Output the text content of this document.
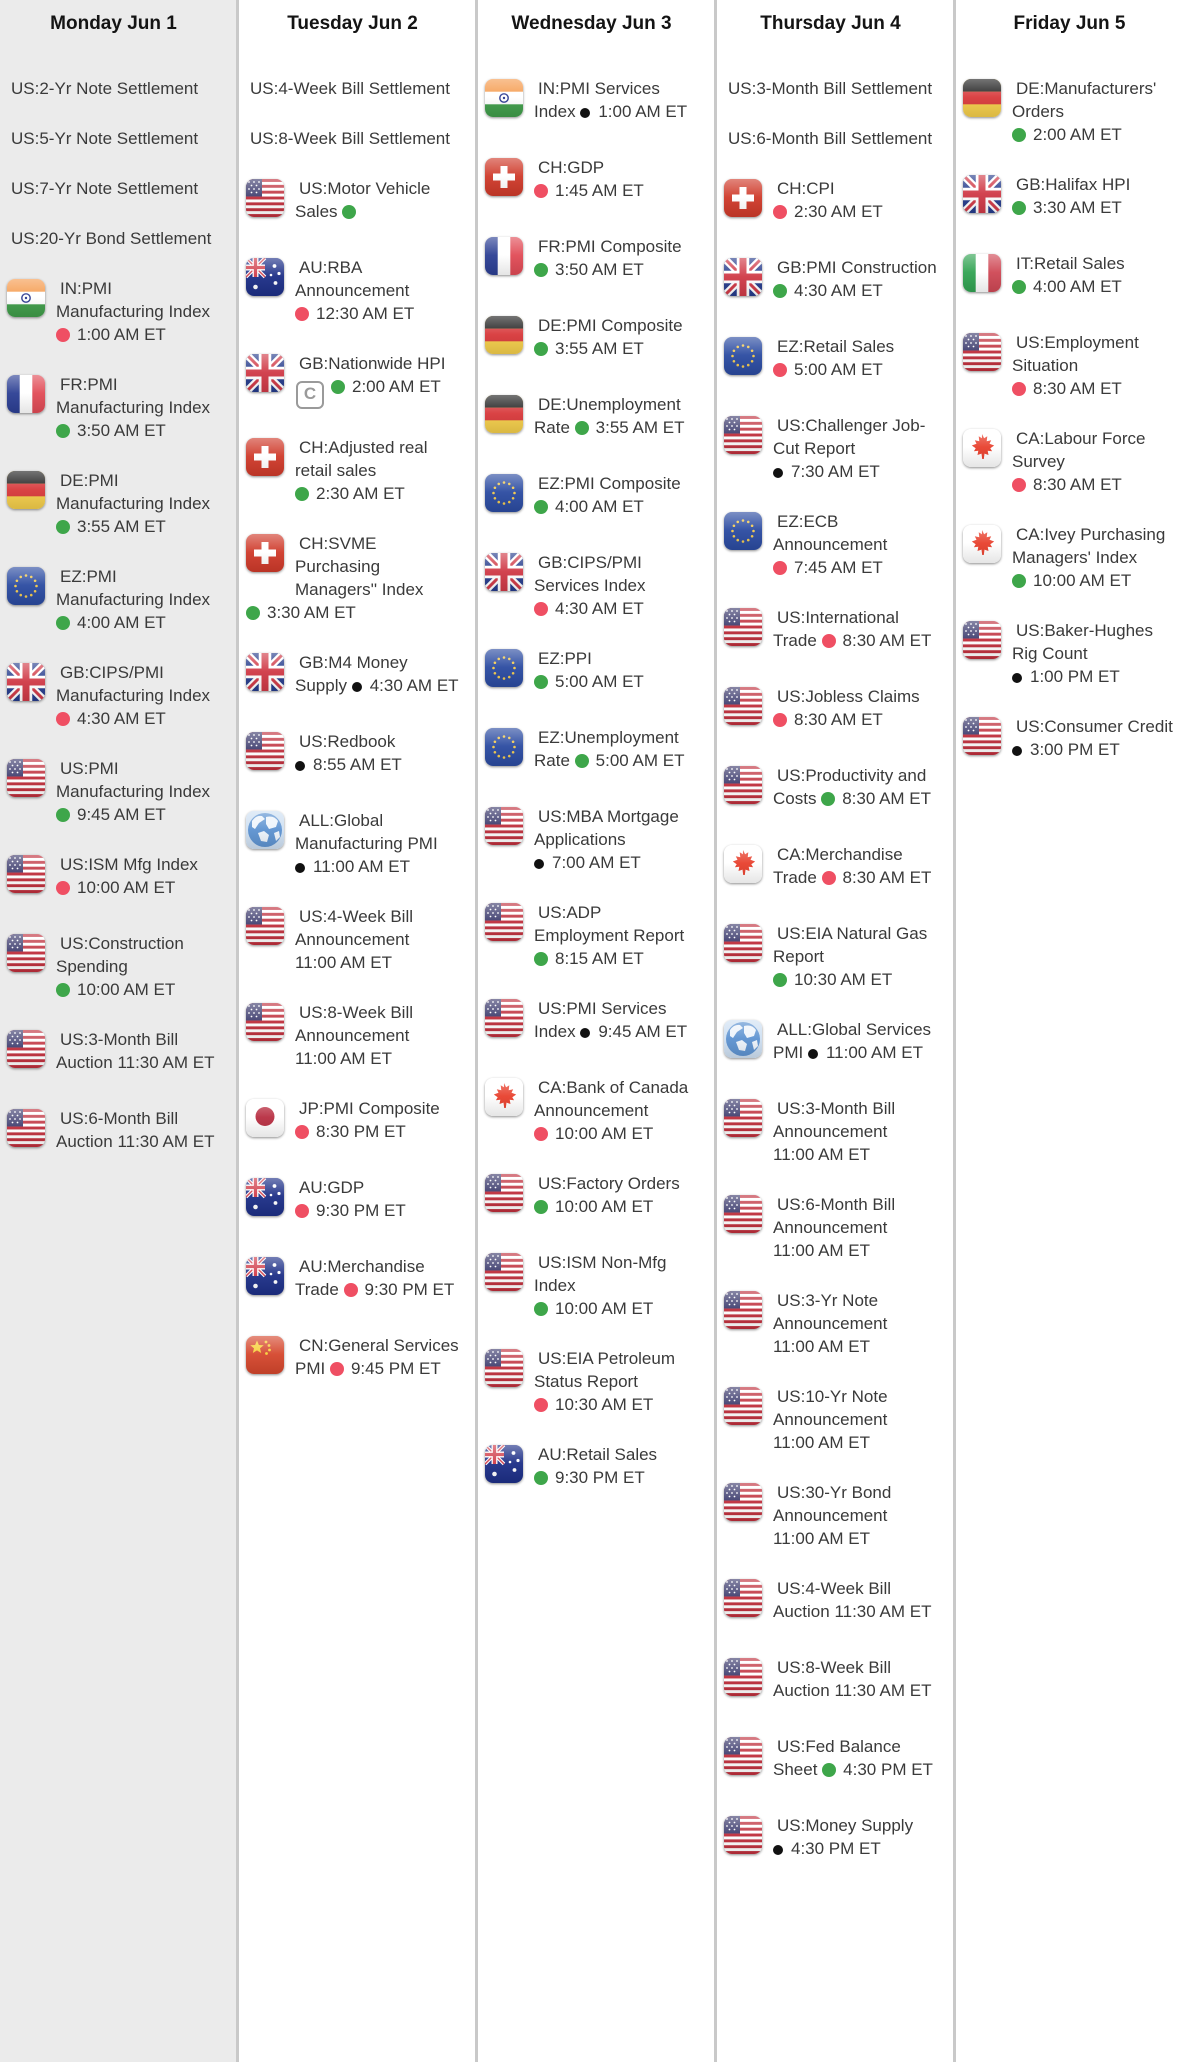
Monday Jun 1
US:2-Yr Note Settlement
US:5-Yr Note Settlement
US:7-Yr Note Settlement
US:20-Yr Bond Settlement
IN:PMI Manufacturing Index 1:00 AM ET
FR:PMI Manufacturing Index 3:50 AM ET
DE:PMI Manufacturing Index 3:55 AM ET
EZ:PMI Manufacturing Index 4:00 AM ET
GB:CIPS/PMI Manufacturing Index 4:30 AM ET
US:PMI Manufacturing Index 9:45 AM ET
US:ISM Mfg Index 10:00 AM ET
US:Construction Spending 10:00 AM ET
US:3-Month Bill Auction 11:30 AM ET
US:6-Month Bill Auction 11:30 AM ET
Tuesday Jun 2
US:4-Week Bill Settlement
US:8-Week Bill Settlement
US:Motor Vehicle Sales
AU:RBA Announcement 12:30 AM ET
GB:Nationwide HPI C 2:00 AM ET
CH:Adjusted real retail sales 2:30 AM ET
CH:SVME Purchasing Managers'' Index 3:30 AM ET
GB:M4 Money Supply 4:30 AM ET
US:Redbook 8:55 AM ET
ALL:Global Manufacturing PMI 11:00 AM ET
US:4-Week Bill Announcement 11:00 AM ET
US:8-Week Bill Announcement 11:00 AM ET
JP:PMI Composite 8:30 PM ET
AU:GDP 9:30 PM ET
AU:Merchandise Trade 9:30 PM ET
CN:General Services PMI 9:45 PM ET
Wednesday Jun 3
IN:PMI Services Index 1:00 AM ET
CH:GDP 1:45 AM ET
FR:PMI Composite 3:50 AM ET
DE:PMI Composite 3:55 AM ET
DE:Unemployment Rate 3:55 AM ET
EZ:PMI Composite 4:00 AM ET
GB:CIPS/PMI Services Index 4:30 AM ET
EZ:PPI 5:00 AM ET
EZ:Unemployment Rate 5:00 AM ET
US:MBA Mortgage Applications 7:00 AM ET
US:ADP Employment Report 8:15 AM ET
US:PMI Services Index 9:45 AM ET
CA:Bank of Canada Announcement 10:00 AM ET
US:Factory Orders 10:00 AM ET
US:ISM Non-Mfg Index 10:00 AM ET
US:EIA Petroleum Status Report 10:30 AM ET
AU:Retail Sales 9:30 PM ET
Thursday Jun 4
US:3-Month Bill Settlement
US:6-Month Bill Settlement
CH:CPI 2:30 AM ET
GB:PMI Construction 4:30 AM ET
EZ:Retail Sales 5:00 AM ET
US:Challenger Job-Cut Report 7:30 AM ET
EZ:ECB Announcement 7:45 AM ET
US:International Trade 8:30 AM ET
US:Jobless Claims 8:30 AM ET
US:Productivity and Costs 8:30 AM ET
CA:Merchandise Trade 8:30 AM ET
US:EIA Natural Gas Report 10:30 AM ET
ALL:Global Services PMI 11:00 AM ET
US:3-Month Bill Announcement 11:00 AM ET
US:6-Month Bill Announcement 11:00 AM ET
US:3-Yr Note Announcement 11:00 AM ET
US:10-Yr Note Announcement 11:00 AM ET
US:30-Yr Bond Announcement 11:00 AM ET
US:4-Week Bill Auction 11:30 AM ET
US:8-Week Bill Auction 11:30 AM ET
US:Fed Balance Sheet 4:30 PM ET
US:Money Supply 4:30 PM ET
Friday Jun 5
DE:Manufacturers' Orders 2:00 AM ET
GB:Halifax HPI 3:30 AM ET
IT:Retail Sales 4:00 AM ET
US:Employment Situation 8:30 AM ET
CA:Labour Force Survey 8:30 AM ET
CA:Ivey Purchasing Managers' Index 10:00 AM ET
US:Baker-Hughes Rig Count 1:00 PM ET
US:Consumer Credit 3:00 PM ET
